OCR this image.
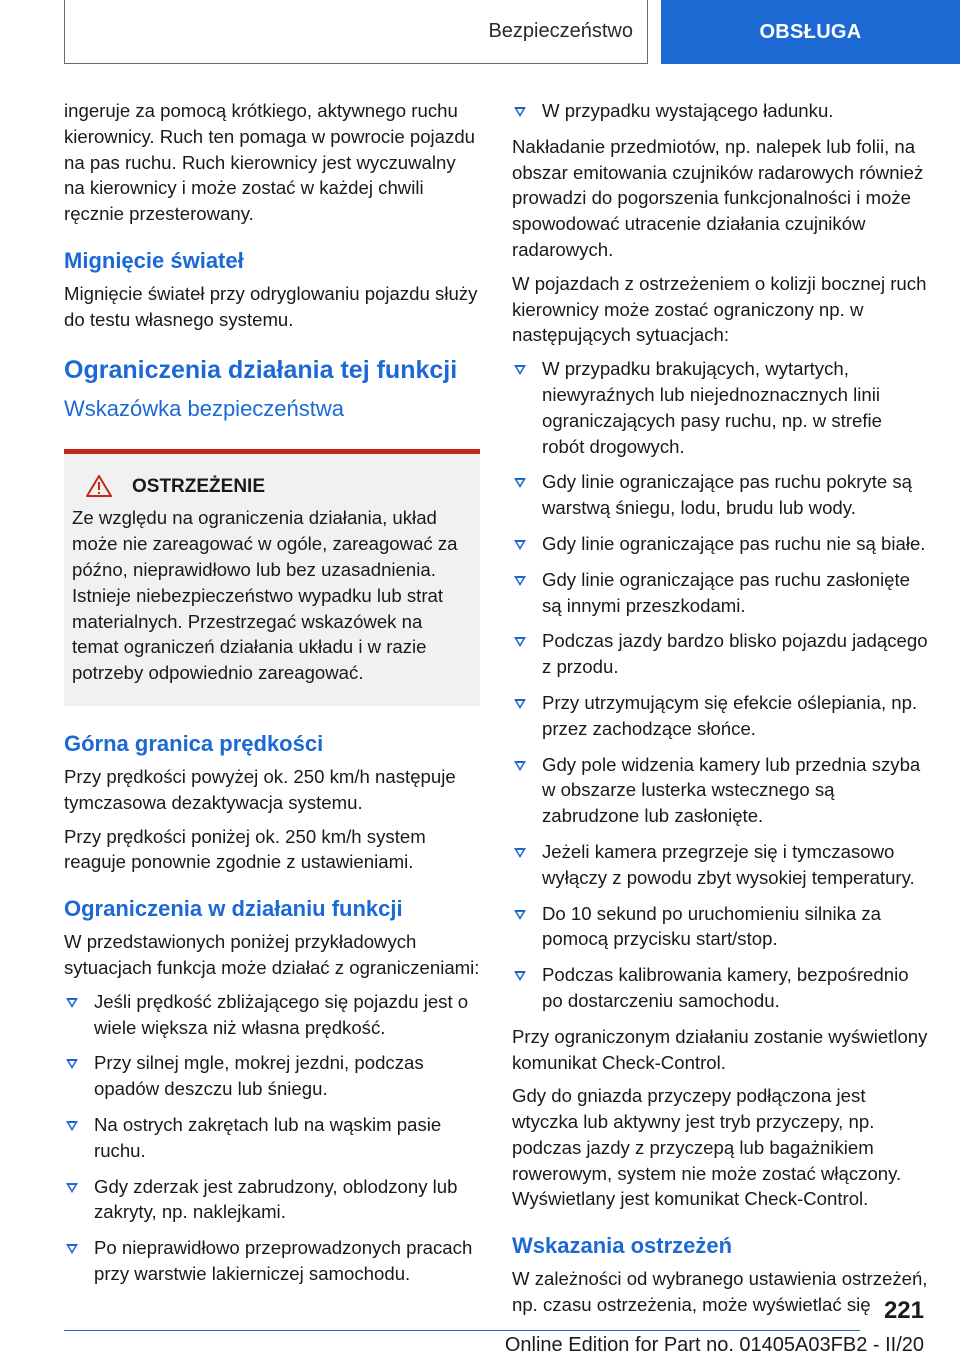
Bezpieczeństwo	OBSŁUGA

ingeruje za pomocą krótkiego, aktywnego ruchu kierownicy. Ruch ten pomaga w powrocie pojazdu na pas ruchu. Ruch kierownicy jest wyczuwalny na kierownicy i może zostać w każdej chwili ręcznie przesterowany.

Mignięcie świateł

Mignięcie świateł przy odryglowaniu pojazdu służy do testu własnego systemu.

Ograniczenia działania tej funkcji
Wskazówka bezpieczeństwa
OSTRZEŻENIE

Ze względu na ograniczenia działania, układ może nie zareagować w ogóle, zareagować za późno, nieprawidłowo lub bez uzasadnienia. Istnieje niebezpieczeństwo wypadku lub strat materialnych. Przestrzegać wskazówek na temat ograniczeń działania układu i w razie potrzeby odpowiednio zareagować.

Górna granica prędkości

Przy prędkości powyżej ok. 250 km/h następuje tymczasowa dezaktywacja systemu.

Przy prędkości poniżej ok. 250 km/h system reaguje ponownie zgodnie z ustawieniami.

Ograniczenia w działaniu funkcji

W przedstawionych poniżej przykładowych sytuacjach funkcja może działać z ograniczeniami:

Jeśli prędkość zbliżającego się pojazdu jest o wiele większa niż własna prędkość.
Przy silnej mgle, mokrej jezdni, podczas opadów deszczu lub śniegu.
Na ostrych zakrętach lub na wąskim pasie ruchu.
Gdy zderzak jest zabrudzony, oblodzony lub zakryty, np. naklejkami.
Po nieprawidłowo przeprowadzonych pracach przy warstwie lakierniczej samochodu.
W przypadku wystającego ładunku.

Nakładanie przedmiotów, np. nalepek lub folii, na obszar emitowania czujników radarowych również prowadzi do pogorszenia funkcjonalności i może spowodować utracenie działania czujników radarowych.

W pojazdach z ostrzeżeniem o kolizji bocznej ruch kierownicy może zostać ograniczony np. w następujących sytuacjach:

W przypadku brakujących, wytartych, niewyraźnych lub niejednoznacznych linii ograniczających pasy ruchu, np. w strefie robót drogowych.
Gdy linie ograniczające pas ruchu pokryte są warstwą śniegu, lodu, brudu lub wody.
Gdy linie ograniczające pas ruchu nie są białe.
Gdy linie ograniczające pas ruchu zasłonięte są innymi przeszkodami.
Podczas jazdy bardzo blisko pojazdu jadącego z przodu.
Przy utrzymującym się efekcie oślepiania, np. przez zachodzące słońce.
Gdy pole widzenia kamery lub przednia szyba w obszarze lusterka wstecznego są zabrudzone lub zasłonięte.
Jeżeli kamera przegrzeje się i tymczasowo wyłączy z powodu zbyt wysokiej temperatury.
Do 10 sekund po uruchomieniu silnika za pomocą przycisku start/stop.
Podczas kalibrowania kamery, bezpośrednio po dostarczeniu samochodu.

Przy ograniczonym działaniu zostanie wyświetlony komunikat Check-Control.

Gdy do gniazda przyczepy podłączona jest wtyczka lub aktywny jest tryb przyczepy, np. podczas jazdy z przyczepą lub bagażnikiem rowerowym, system nie może zostać włączony. Wyświetlany jest komunikat Check-Control.

Wskazania ostrzeżeń

W zależności od wybranego ustawienia ostrzeżeń, np. czasu ostrzeżenia, może wyświetlać się 221
Online Edition for Part no. 01405A03FB2 - II/20
